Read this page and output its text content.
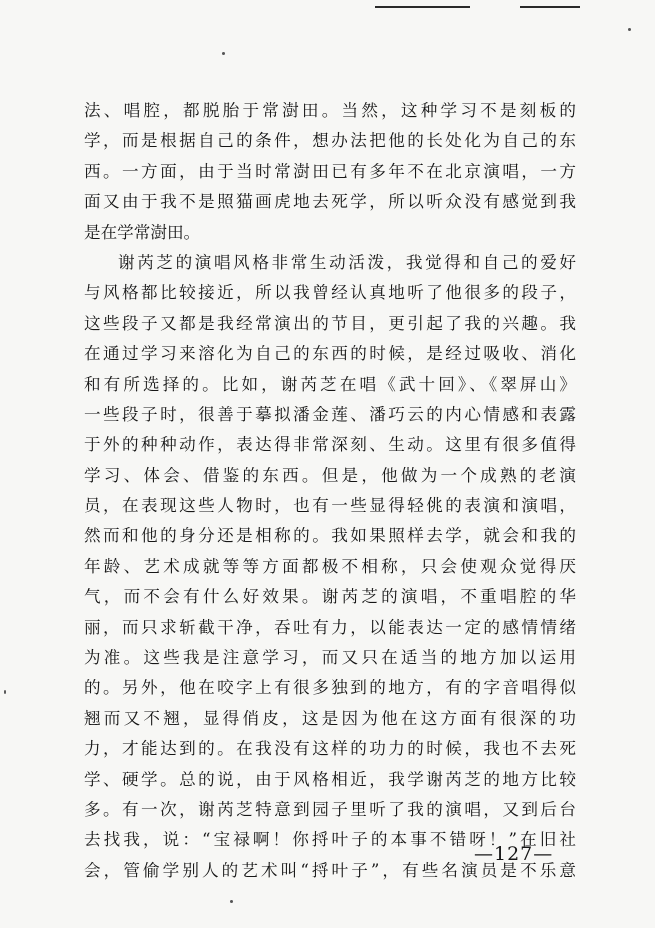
法、唱腔，都脱胎于常澍田。当然，这种学习不是刻板的
学，而是根据自己的条件，想办法把他的长处化为自己的东
西。一方面，由于当时常澍田已有多年不在北京演唱，一方
面又由于我不是照猫画虎地去死学，所以听众没有感觉到我
是在学常澍田。
谢芮芝的演唱风格非常生动活泼，我觉得和自己的爱好
与风格都比较接近，所以我曾经认真地听了他很多的段子，
这些段子又都是我经常演出的节目，更引起了我的兴趣。我
在通过学习来溶化为自己的东西的时候，是经过吸收、消化
和有所选择的。比如，谢芮芝在唱《武十回》、《翠屏山》
一些段子时，很善于摹拟潘金莲、潘巧云的内心情感和表露
于外的种种动作，表达得非常深刻、生动。这里有很多值得
学习、体会、借鉴的东西。但是，他做为一个成熟的老演
员，在表现这些人物时，也有一些显得轻佻的表演和演唱，
然而和他的身分还是相称的。我如果照样去学，就会和我的
年龄、艺术成就等等方面都极不相称，只会使观众觉得厌
气，而不会有什么好效果。谢芮芝的演唱，不重唱腔的华
丽，而只求斩截干净，吞吐有力，以能表达一定的感情情绪
为准。这些我是注意学习，而又只在适当的地方加以运用
的。另外，他在咬字上有很多独到的地方，有的字音唱得似
翘而又不翘，显得俏皮，这是因为他在这方面有很深的功
力，才能达到的。在我没有这样的功力的时候，我也不去死
学、硬学。总的说，由于风格相近，我学谢芮芝的地方比较
多。有一次，谢芮芝特意到园子里听了我的演唱，又到后台
去找我，说：“宝禄啊！你捋叶子的本事不错呀！”在旧社
会，管偷学别人的艺术叫“捋叶子”，有些名演员是不乐意
—127—
